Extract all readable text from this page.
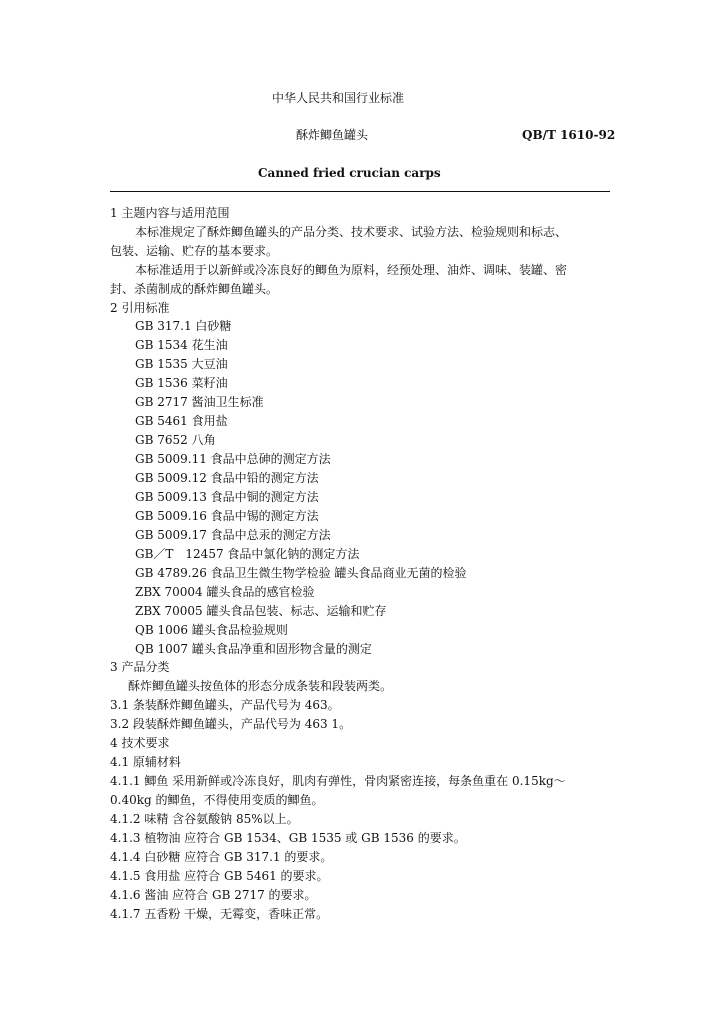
中华人民共和国行业标准
酥炸鲫鱼罐头	QB/T 1610-92
Canned fried crucian carps
1 主题内容与适用范围
本标准规定了酥炸鲫鱼罐头的产品分类、技术要求、试验方法、检验规则和标志、
包装、运输、贮存的基本要求。
本标准适用于以新鲜或冷冻良好的鲫鱼为原料，经预处理、油炸、调味、装罐、密
封、杀菌制成的酥炸鲫鱼罐头。
2 引用标准
GB 317.1 白砂糖
GB 1534 花生油
GB 1535 大豆油
GB 1536 菜籽油
GB 2717 酱油卫生标准
GB 5461 食用盐
GB 7652 八角
GB 5009.11 食品中总砷的测定方法
GB 5009.12 食品中铅的测定方法
GB 5009.13 食品中铜的测定方法
GB 5009.16 食品中锡的测定方法
GB 5009.17 食品中总汞的测定方法
GB／T　12457 食品中氯化钠的测定方法
GB 4789.26 食品卫生微生物学检验 罐头食品商业无菌的检验
ZBX 70004 罐头食品的感官检验
ZBX 70005 罐头食品包装、标志、运输和贮存
QB 1006 罐头食品检验规则
QB 1007 罐头食品净重和固形物含量的测定
3 产品分类
酥炸鲫鱼罐头按鱼体的形态分成条装和段装两类。
3.1 条装酥炸鲫鱼罐头，产品代号为 463。
3.2 段装酥炸鲫鱼罐头，产品代号为 463 1。
4 技术要求
4.1 原辅材料
4.1.1 鲫鱼 采用新鲜或冷冻良好，肌肉有弹性，骨肉紧密连接，每条鱼重在 0.15kg～
0.40kg 的鲫鱼，不得使用变质的鲫鱼。
4.1.2 味精 含谷氨酸钠 85%以上。
4.1.3 植物油 应符合 GB 1534、GB 1535 或 GB 1536 的要求。
4.1.4 白砂糖 应符合 GB 317.1 的要求。
4.1.5 食用盐 应符合 GB 5461 的要求。
4.1.6 酱油 应符合 GB 2717 的要求。
4.1.7 五香粉 干燥，无霉变，香味正常。
